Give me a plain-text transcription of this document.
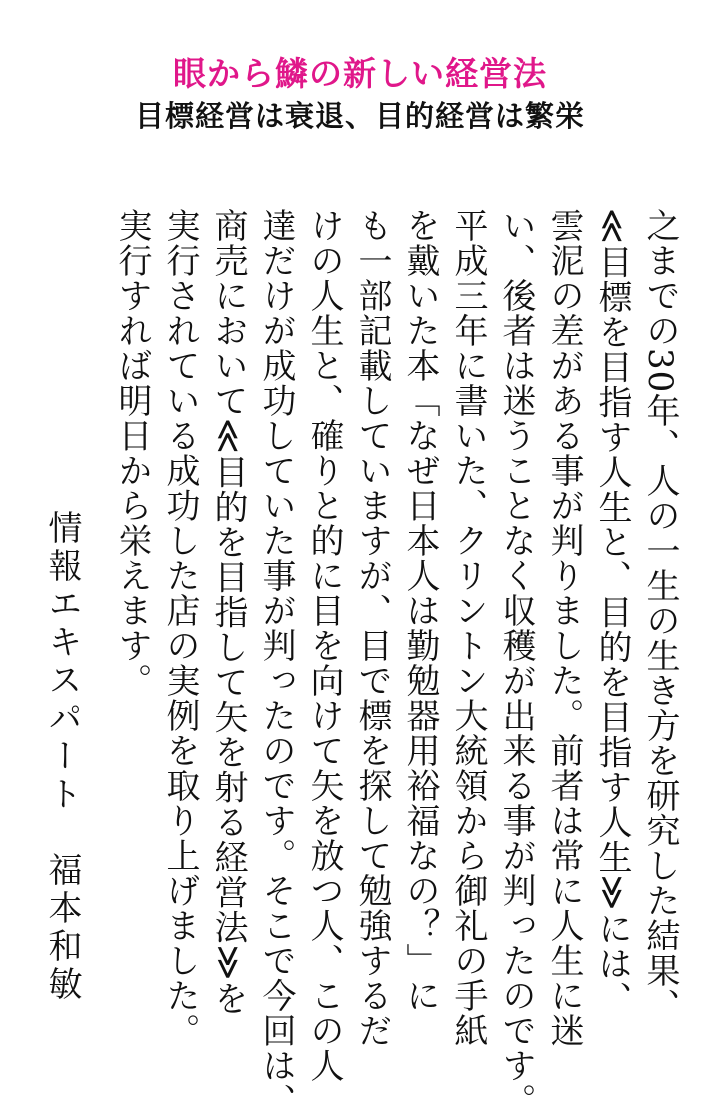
眼から鱗の新しい経営法
目標経営は衰退、目的経営は繁栄
之までの30年、人の一生の生き方を研究した結果、
≪目標を目指す人生と、目的を目指す人生≫には、
雲泥の差がある事が判りました。前者は常に人生に迷
い、後者は迷うことなく収穫が出来る事が判ったのです。
平成三年に書いた、クリントン大統領から御礼の手紙
を戴いた本「なぜ日本人は勤勉器用裕福なの？」に
も一部記載していますが、目で標を探して勉強するだ
けの人生と、確りと的に目を向けて矢を放つ人、この人
達だけが成功していた事が判ったのです。そこで今回は、
商売において≪目的を目指して矢を射る経営法≫を
実行されている成功した店の実例を取り上げました。
実行すれば明日から栄えます。
情報エキスパート　福本和敏
